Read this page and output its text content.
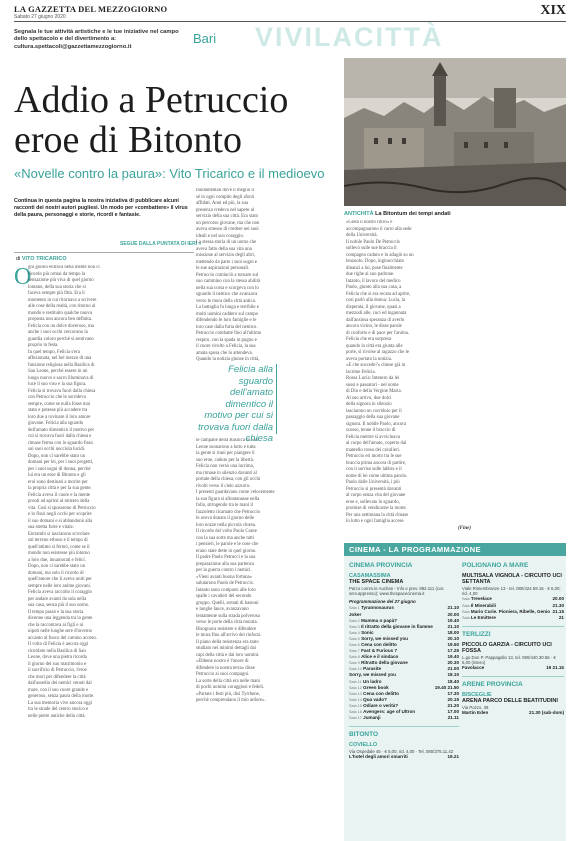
LA GAZZETTA DEL MEZZOGIORNO
Sabato 27 giugno 2020	XIX
Segnala le tue attività artistiche e le tue iniziative nel campo dello spettacolo e del divertimento a: cultura.spettacoli@gazzettamezzogiorno.it
Bari VIVILACITTÀ
Addio a Petruccio eroe di Bitonto
«Novelle contro la paura»: Vito Tricarico e il medioevo
ANTICHITÀ La Bitontum dei tempi andati
Continua in questa pagina la nostra iniziativa di pubblicare alcuni racconti dei nostri autori pugliesi. Un modo per «combattere» il virus della paura, personaggi e storie, ricordi e fantasie.
SEGUE DALLA PUNTATA DI IERI »
di VITO TRICARICO
O
gni giorno entrava nella mente non ci
ricordo più ormai da tempo la
sensazione più viva di quel giorno
lontano, della sua storia che si
faceva sempre più fitta. Era il
momento in cui ritornava a scrivere
alle cose della realtà, con ritorno al
mondo e restituito qualche nuova
proposta non ancora ben definita.
Felicia con un dolce doveroso, ma
anche i suoi occhi cercavano la
guardia coloro perché si sentivano
proprio in festa.
In quel tempo, Felicia s'era
affezionata, nel bel mezzo di una
funzione religiosa nella Basilica di
San Leone, perché essere in un
luogo nuovo e sacro illuminava di
luce il suo viso e la sua figura.
Felicia si trovava fuori dalla chiesa
con Petruccio che le sorrideva
sempre, come se nulla fosse mai
stato e potesse più accadere tra
loro due a rovinare il loro amore
giovane. Felicia alla sguardo
dell'amato dimenticò il motivo per
cui si trovava fuori dalla chiesa e
rimase ferma con lo sguardo fisso
sui suoi occhi nocciola lucidi.
Dopo, non ci sarebbe stato un
domani per lei, per i suoi progetti,
per i suoi sogni di donna, perché
lui era un eroe di Bitonto e gli
eroi sono destinati a morire per
la propria città e per la sua gente.
Felicia aveva il cuore e la mente
pronti ad aprirsi al mistero della
vita. Così si sposarono di Petruccio
e lo fissò negli occhi per scoprire
il suo domani e si abbandonò alla
sua stretta forte e vitale.
Entrambi si lasciarono scivolare
sul terreno erboso e il tempo di
quell'attimo si fermò, come se il
mondo non esistesse più intorno
a loro due, innamorati e felici.
Dopo, non ci sarebbe stato un
domani, ma solo il ricordo di
quell'amore che li aveva uniti per
sempre nelle loro anime giovani.
Felicia aveva raccolto il coraggio
per andare avanti da sola nella
sua casa, senza più il suo uomo.
Il tempo passò e la sua storia
divenne una leggenda tra la gente
che la raccontava ai figli e ai
nipoti nelle lunghe sere d'inverno
accanto al fuoco del camino acceso.
Il volto di Felicia è ancora oggi
ricordato nella Basilica di San
Leone, dove una pietra ricorda
il giorno del suo matrimonio e
il sacrificio di Petruccio, l'eroe
che morì per difendere la città
dall'assedio dei nemici venuti dal
mare, con il suo cuore grande e
generoso, senza paura della morte.
La sua memoria vive ancora oggi
tra le strade del centro storico e
nelle pietre antiche della città.
fondamentali dove il meglio il
sé in ogni compito degli sforzi
affidati. Anni ed più, la sua
presenza credeva nel sapere al
servizio della sua città. Era stato
un percorso giovane, ma che non
aveva smesso di credere nei suoi
ideali e nel suo coraggio.
La stessa storia di un uomo che
aveva fatto della sua vita una
missione al servizio degli altri,
mettendo da parte i suoi sogni e
le sue aspirazioni personali.
Petruccio cominciò a tornare sul
suo cammino con la stessa abilità
nella sua corsa e scorgeva con lo
sguardo il nemico che avanzava
verso le mura della città antica.
La battaglia fu lunga e terribile e
molti uomini caddero sul campo
difendendo le loro famiglie e le
loro case dalla furia del nemico.
Petruccio combatté fino all'ultimo
respiro, con la spada in pugno e
il cuore rivolto a Felicia, la sua
amata sposa che lo attendeva.
Quando la notizia giunse in città,
le campane della Basilica di San
Leone suonarono a lutto e tutta
la gente si riunì per piangere il
suo eroe, caduto per la libertà.
Felicia non versò una lacrima,
ma rimase in silenzio davanti al
portale della chiesa, con gli occhi
rivolti verso il cielo azzurro.
I presenti guardavano come velocemente
la sua figura si allontanasse nella
folla, stringendo tra le mani il
fazzoletto ricamato che Petruccio
le aveva donato il giorno delle
loro nozze nella piccola chiesa.
Il ricordo del volto Paolo Conte
con la sua sorte ma anche tutti
i pensieri, le parole e le cose che
erano state dette in quel giorno.
Il padre Paolo Petrucci e la sua
preparazione alla sua partenza
per la guerra contro i nemici.
«Vieni avanti buona fortuna»
salutarono Paolo de Petruccis.
Intanto sono comparsi alle loro
spalle i cavalieri del secondo
gruppo. Quelli, armati di bastoni
e lunghe lance, avanzavano
lentamente sulla strada polverosa
verso le porte della città murata.
Bisognava resistere e difendere
le mura fino all'arrivo dei rinforzi.
Il piano della resistenza era stato
studiato nei minimi dettagli dai
capi della città e dai loro uomini.
«Ebbene nostro è l'onore di
difendere la nostra terra» disse
Petruccio ai suoi compagni.
La sorte della città era nelle mani
di pochi uomini coraggiosi e fedeli.
«Partate i festi più, disi Tyrrhene,
perchè comprendano il mio ardore».
«Gieta il nostro ritiro» e
accompagnarono il carro alla sede
della Università.
Il nobile Paolo De Petruccis
sollevò sulle sue braccia il
compagno caduto e lo adagiò su un
lenzuolo. Dopo, inginocchiato
dinanzi a lui, pose finalmente
due righe al suo padrone.
Intanto, il lavoro del medico
Paolo, giunto alla sua casa, a
Felicia che si era recata ad aprire,
cosi parlò alla donna: Lucia, la
disperata, il giovane, quasi a
mezzodì alle, cuci ed ingannata
dall'ansiosa speranza di averlo
ancora vicino, le disse parole
di conforto e di pace per l'anima.
Felicia che era sorpresa
quando la città era giunta alle
porte, si rivolse al ragazzo che le
aveva portato la notizia.
«E che succede?» chiese già in
lacrime Felicia.
Rossa Lucia: Intesero da lei
sussi e passatori - nel nome
di Dio e della Vergine Maria.
Al suo arrivo, due dolci
della signora in silenzio
lasciarono un corridoio per il
passaggio della sua giovane
signora. Il nobile Paolo, ancora
scosso, tenne il braccio di
Felicia mentre si avvicinava
al corpo dell'amato, coperto dal
mantello rosso dei cavalieri.
Petruccio eri morto tra le sue
braccia prima ancora di partire,
con il sorriso sulle labbra e il
nome di lei come ultima parola.
Paolo dalle Università, i più
Petruccio si presentò davanti
al corpo senza vita del giovane
eroe e, sollevato lo sguardo,
promise di vendicarne la morte.
Per una settimana la città rimase
in lutto e ogni famiglia accese
Felicia alla sguardo dell'amato dimentico il motivo per cui si trovava fuori dalla chiesa
(Fine)
CINEMA - LA PROGRAMMAZIONE
CINEMA PROVINCIA
CASAMASSIMA
THE SPACE CINEMA
Parco comm.le Auchan - Info e prev. 892.111 (cos serv.appresso); www.thespacecinema.it
Programmazione del 27 giugno
Sala 1 Tyrannosaurus	21.10
Joker	20.00
Sala 2 Mamma o papà?	19.40
Sala 3 Il ritratto della giovane in fiamme	21.10
Sala 4 Sonic	18.00
Sala 5 Sorry, we missed you	20.10
Sala 6 Cena con delitto	19.50
Sala 7 Fast & Furious 7	17.25
Sala 8 Alice e il sindaco	19.40
Sala 9 Ritratto della giovane	20.30
Sala 10 Parasite	21.00
Sorry, we missed you	18.10
Sala 11 Un ladro	18.40
Sala 12 Green book	19.40 21.50
Sala 13 Cena con delitto	17.30
Sala 14 Qua vado?	20.15
Sala 15 Odiare o verità?	21.20
Sala 16 Avengers: age of Ultron	17.00
Sala 17 Jumanji	21.11
BITONTO
COVIELLO
Via Ospedale 45 · € 5,00, rid. 4,00 · Tel. 080/375.11.42
L'hotel degli amori smarriti	19.21
POLIGNANO A MARE
MULTISALA VIGNOLA - CIRCUITO UCI SETTANTA
Viale Rimembranze 13 - tel. 080/424.59.15 · € 6,00; rid. 4,00
Sala Trevelace	20.00
Sala Il Miserabili	21.30
Sala Mario Curie. Pioniera, Ribelle, Genio 21.15
Sala Le Emittere	21
TERLIZZI
PICCOLO GARZIA - CIRCUITO UCI FOSSA
L.go Don P. Pappagallo 13, tel. 080/440.30.56 · € 6,00 (intero)
Favolacce	19 21.15
ARENE PROVINCIA
BISCEGLIE
ARENA PARCO DELLE BEATITUDINI
Via Pozzo, 39
Martin Eden	21.30 (sab-dom)
